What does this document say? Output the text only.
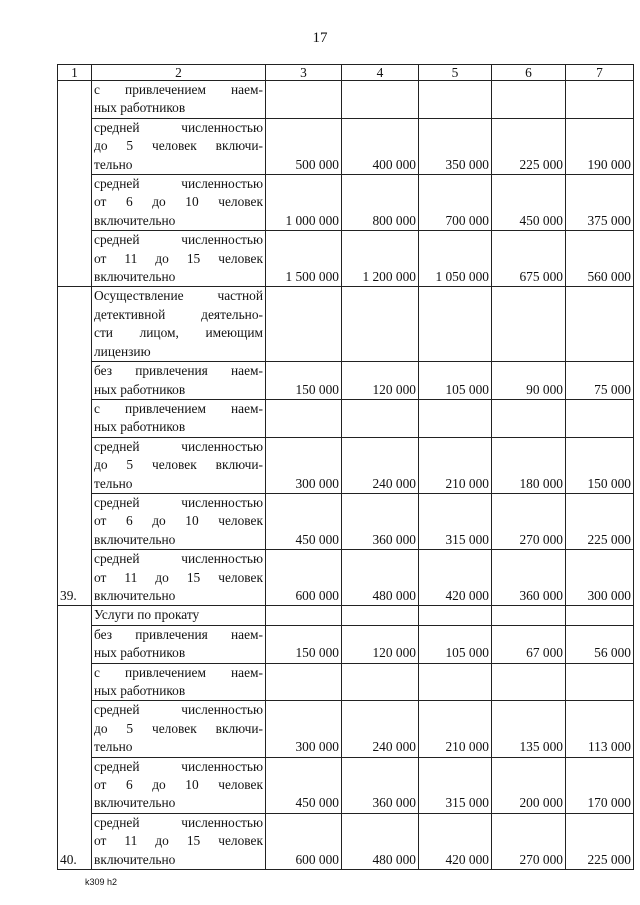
17
1	2	3	4	5	6	7

	с привлечением наем-
ных работников					

	средней численностью
до 5 человек включи-
тельно	500 000	400 000	350 000	225 000	190 000

	средней численностью
от 6 до 10 человек
включительно	1 000 000	800 000	700 000	450 000	375 000

	средней численностью
от 11 до 15 человек
включительно	1 500 000	1 200 000	1 050 000	675 000	560 000
39.	Осуществление частной
детективной деятельно-
сти лицом, имеющим
лицензию					

	без привлечения наем-
ных работников	150 000	120 000	105 000	90 000	75 000

	с привлечением наем-
ных работников					

	средней численностью
до 5 человек включи-
тельно	300 000	240 000	210 000	180 000	150 000

	средней численностью
от 6 до 10 человек
включительно	450 000	360 000	315 000	270 000	225 000

	средней численностью
от 11 до 15 человек
включительно	600 000	480 000	420 000	360 000	300 000
40.	Услуги по прокату					

	без привлечения наем-
ных работников	150 000	120 000	105 000	67 000	56 000

	с привлечением наем-
ных работников					

	средней численностью
до 5 человек включи-
тельно	300 000	240 000	210 000	135 000	113 000

	средней численностью
от 6 до 10 человек
включительно	450 000	360 000	315 000	200 000	170 000

	средней численностью
от 11 до 15 человек
включительно	600 000	480 000	420 000	270 000	225 000
k309 h2
